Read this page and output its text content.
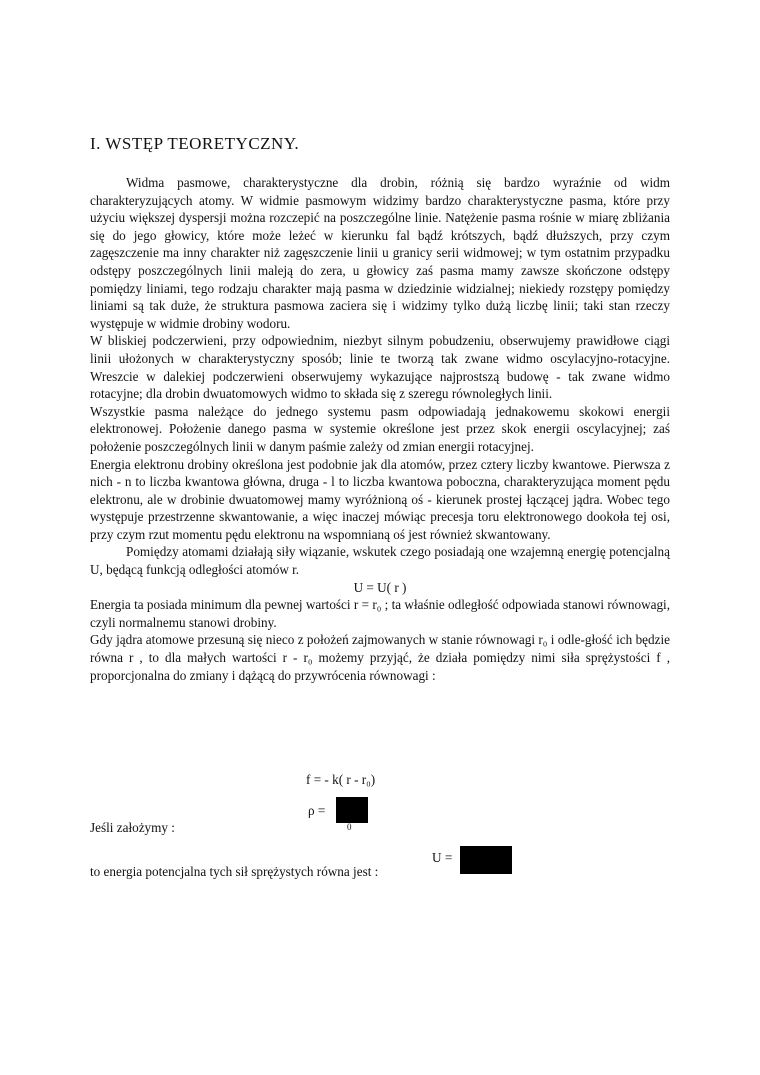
I. WSTĘP TEORETYCZNY.

Widma pasmowe, charakterystyczne dla drobin, różnią się bardzo wyraźnie od widm charakteryzujących atomy. W widmie pasmowym widzimy bardzo charakterystyczne pasma, które przy użyciu większej dyspersji można rozczepić na poszczególne linie. Natężenie pasma rośnie w miarę zbliżania się do jego głowicy, które może leżeć w kierunku fal bądź krótszych, bądź dłuższych, przy czym zagęszczenie ma inny charakter niż zagęszczenie linii u granicy serii widmowej; w tym ostatnim przypadku odstępy poszczególnych linii maleją do zera, u głowicy zaś pasma mamy zawsze skończone odstępy pomiędzy liniami, tego rodzaju charakter mają pasma w dziedzinie widzialnej; niekiedy rozstępy pomiędzy liniami są tak duże, że struktura pasmowa zaciera się i widzimy tylko dużą liczbę linii; taki stan rzeczy występuje w widmie drobiny wodoru.

W bliskiej podczerwieni, przy odpowiednim, niezbyt silnym pobudzeniu, obserwujemy prawidłowe ciągi linii ułożonych w charakterystyczny sposób; linie te tworzą tak zwane widmo oscylacyjno-rotacyjne. Wreszcie w dalekiej podczerwieni obserwujemy wykazujące najprostszą budowę - tak zwane widmo rotacyjne; dla drobin dwuatomowych widmo to składa się z szeregu równoległych linii.

Wszystkie pasma należące do jednego systemu pasm odpowiadają jednakowemu skokowi energii elektronowej. Położenie danego pasma w systemie określone jest przez skok energii oscylacyjnej; zaś położenie poszczególnych linii w danym paśmie zależy od zmian energii rotacyjnej.

Energia elektronu drobiny określona jest podobnie jak dla atomów, przez cztery liczby kwantowe. Pierwsza z nich - n to liczba kwantowa główna, druga - l to liczba kwantowa poboczna, charakteryzująca moment pędu elektronu, ale w drobinie dwuatomowej mamy wyróżnioną oś - kierunek prostej łączącej jądra. Wobec tego występuje przestrzenne skwantowanie, a więc inaczej mówiąc precesja toru elektronowego dookoła tej osi, przy czym rzut momentu pędu elektronu na wspomnianą oś jest również skwantowany.

Pomiędzy atomami działają siły wiązanie, wskutek czego posiadają one wzajemną energię potencjalną U, będącą funkcją odległości atomów r.

U = U( r )

Energia ta posiada minimum dla pewnej wartości r = r₀ ; ta właśnie odległość odpowiada stanowi równowagi, czyli normalnemu stanowi drobiny.

Gdy jądra atomowe przesuną się nieco z położeń zajmowanych w stanie równowagi r₀ i odle-głość ich będzie równa r , to dla małych wartości r - r₀ możemy przyjąć, że działa pomiędzy nimi siła sprężystości f , proporcjonalna do zmiany i dążącą do przywrócenia równowagi :

f = - k( r - r₀)
ρ =
0
Jeśli założymy :
U =
to energia potencjalna tych sił sprężystych równa jest :
